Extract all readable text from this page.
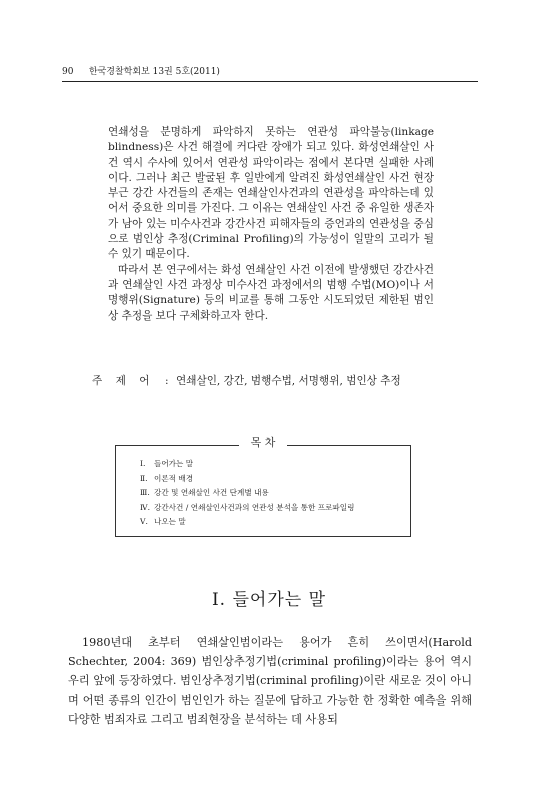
90 한국경찰학회보 13권 5호(2011)

연쇄성을 분명하게 파악하지 못하는 연관성 파악불능(linkage blindness)은 사건 해결에 커다란 장애가 되고 있다. 화성연쇄살인 사건 역시 수사에 있어서 연관성 파악이라는 점에서 본다면 실패한 사례이다. 그러나 최근 발굴된 후 일반에게 알려진 화성연쇄살인 사건 현장 부근 강간 사건들의 존재는 연쇄살인사건과의 연관성을 파악하는데 있어서 중요한 의미를 가진다. 그 이유는 연쇄살인 사건 중 유일한 생존자가 남아 있는 미수사건과 강간사건 피해자들의 증언과의 연관성을 중심으로 범인상 추정(Criminal Profiling)의 가능성이 일말의 고리가 될 수 있기 때문이다.

따라서 본 연구에서는 화성 연쇄살인 사건 이전에 발생했던 강간사건과 연쇄살인 사건 과정상 미수사건 과정에서의 범행 수법(MO)이나 서명행위(Signature) 등의 비교를 통해 그동안 시도되었던 제한된 범인상 추정을 보다 구체화하고자 한다.

주 제 어 : 연쇄살인, 강간, 범행수법, 서명행위, 범인상 추정
Ⅰ. 들어가는 말
Ⅱ. 이론적 배경
Ⅲ. 강간 및 연쇄살인 사건 단계별 내용
Ⅳ. 강간사건 / 연쇄살인사건과의 연관성 분석을 통한 프로파일링
Ⅴ. 나오는 말
목 차
Ⅰ. 들어가는 말

1980년대 초부터 연쇄살인범이라는 용어가 흔히 쓰이면서(Harold Schechter, 2004: 369) 범인상추정기법(criminal profiling)이라는 용어 역시 우리 앞에 등장하였다. 범인상추정기법(criminal profiling)이란 새로운 것이 아니며 어떤 종류의 인간이 범인인가 하는 질문에 답하고 가능한 한 정확한 예측을 위해 다양한 범죄자료 그리고 범죄현장을 분석하는 데 사용되
